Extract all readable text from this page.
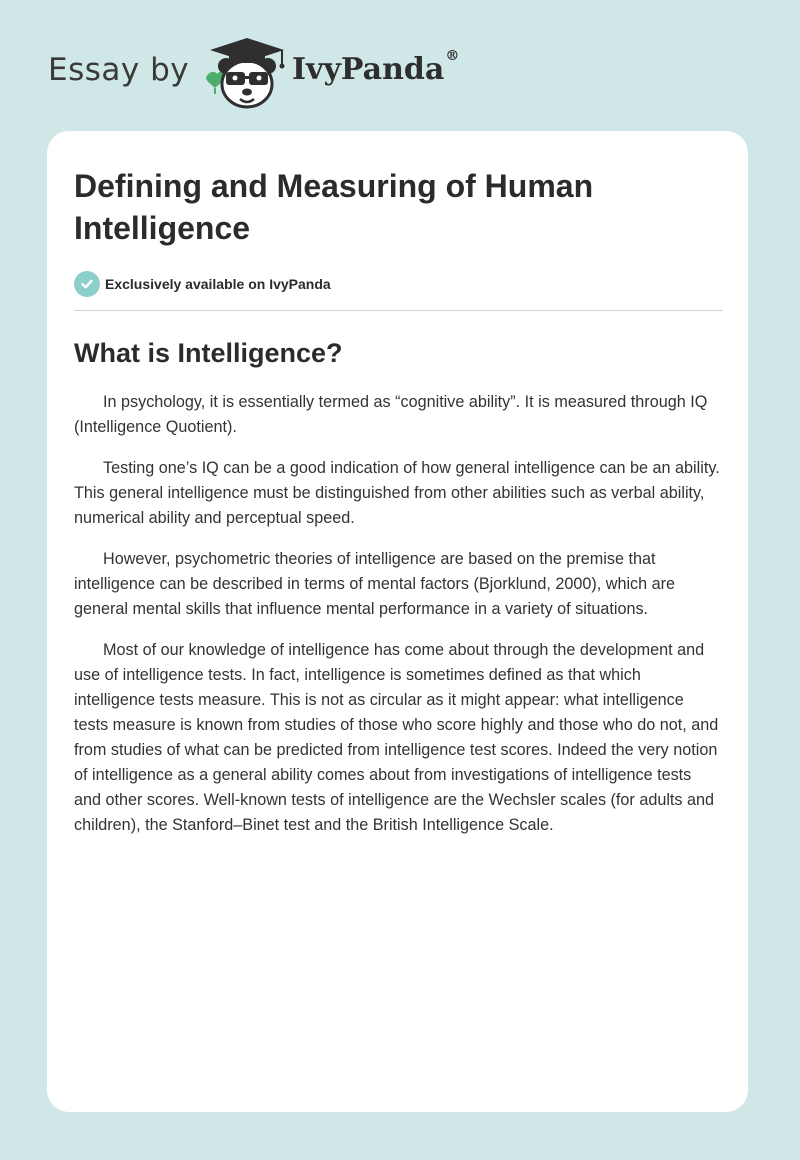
Essay by	IvyPanda®
Defining and Measuring of Human Intelligence
Exclusively available on IvyPanda
What is Intelligence?

In psychology, it is essentially termed as “cognitive ability”. It is measured through IQ (Intelligence Quotient).

Testing one’s IQ can be a good indication of how general intelligence can be an ability. This general intelligence must be distinguished from other abilities such as verbal ability, numerical ability and perceptual speed.

However, psychometric theories of intelligence are based on the premise that intelligence can be described in terms of mental factors (Bjorklund, 2000), which are general mental skills that influence mental performance in a variety of situations.

Most of our knowledge of intelligence has come about through the development and use of intelligence tests. In fact, intelligence is sometimes defined as that which intelligence tests measure. This is not as circular as it might appear: what intelligence tests measure is known from studies of those who score highly and those who do not, and from studies of what can be predicted from intelligence test scores. Indeed the very notion of intelligence as a general ability comes about from investigations of intelligence tests and other scores. Well-known tests of intelligence are the Wechsler scales (for adults and children), the Stanford–Binet test and the British Intelligence Scale.
